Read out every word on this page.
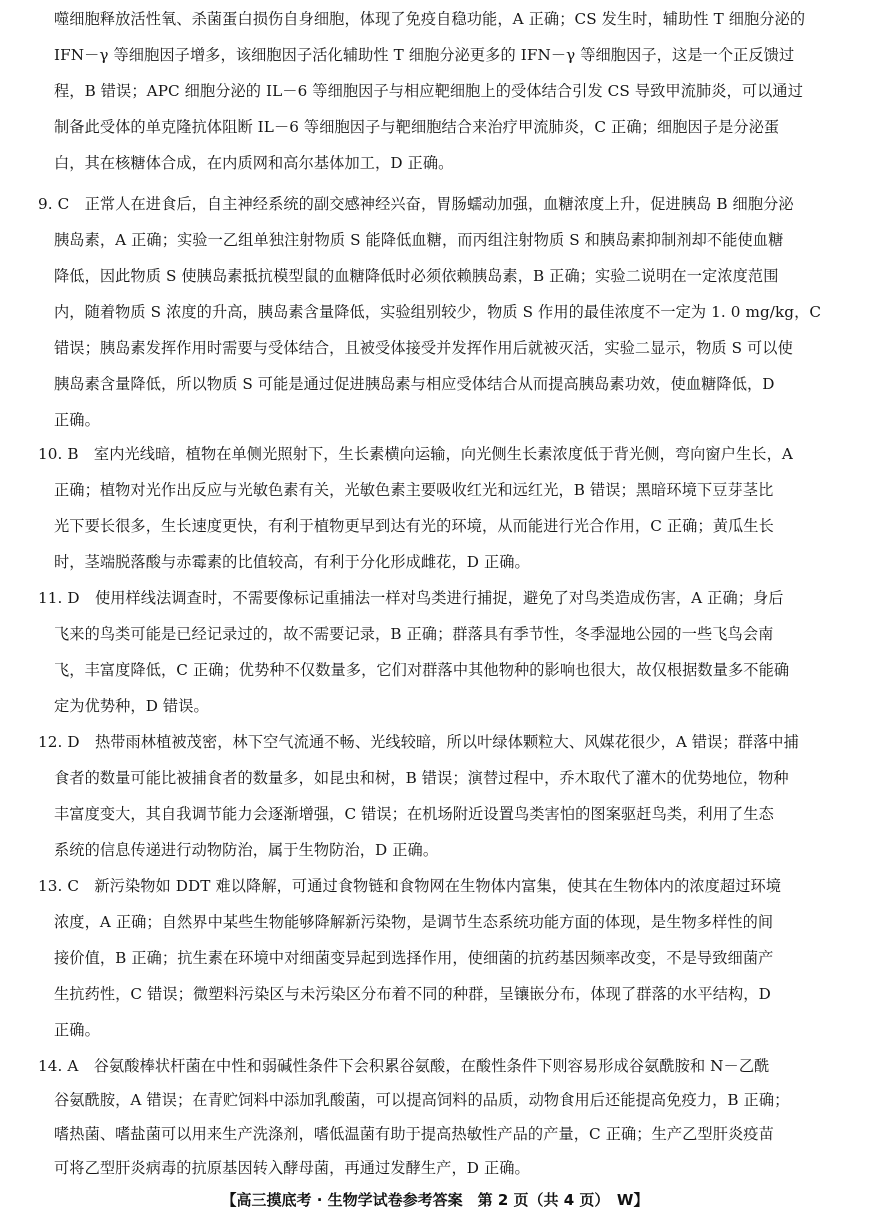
噬细胞释放活性氧、杀菌蛋白损伤自身细胞，体现了免疫自稳功能，A 正确；CS 发生时，辅助性 T 细胞分泌的
IFN－γ 等细胞因子增多，该细胞因子活化辅助性 T 细胞分泌更多的 IFN－γ 等细胞因子，这是一个正反馈过
程，B 错误；APC 细胞分泌的 IL－6 等细胞因子与相应靶细胞上的受体结合引发 CS 导致甲流肺炎，可以通过
制备此受体的单克隆抗体阻断 IL－6 等细胞因子与靶细胞结合来治疗甲流肺炎，C 正确；细胞因子是分泌蛋
白，其在核糖体合成，在内质网和高尔基体加工，D 正确。
9. C　正常人在进食后，自主神经系统的副交感神经兴奋，胃肠蠕动加强，血糖浓度上升，促进胰岛 B 细胞分泌
胰岛素，A 正确；实验一乙组单独注射物质 S 能降低血糖，而丙组注射物质 S 和胰岛素抑制剂却不能使血糖
降低，因此物质 S 使胰岛素抵抗模型鼠的血糖降低时必须依赖胰岛素，B 正确；实验二说明在一定浓度范围
内，随着物质 S 浓度的升高，胰岛素含量降低，实验组别较少，物质 S 作用的最佳浓度不一定为 1. 0 mg/kg，C
错误；胰岛素发挥作用时需要与受体结合，且被受体接受并发挥作用后就被灭活，实验二显示，物质 S 可以使
胰岛素含量降低，所以物质 S 可能是通过促进胰岛素与相应受体结合从而提高胰岛素功效，使血糖降低，D
正确。
10. B　室内光线暗，植物在单侧光照射下，生长素横向运输，向光侧生长素浓度低于背光侧，弯向窗户生长，A
正确；植物对光作出反应与光敏色素有关，光敏色素主要吸收红光和远红光，B 错误；黑暗环境下豆芽茎比
光下要长很多，生长速度更快，有利于植物更早到达有光的环境，从而能进行光合作用，C 正确；黄瓜生长
时，茎端脱落酸与赤霉素的比值较高，有利于分化形成雌花，D 正确。
11. D　使用样线法调查时，不需要像标记重捕法一样对鸟类进行捕捉，避免了对鸟类造成伤害，A 正确；身后
飞来的鸟类可能是已经记录过的，故不需要记录，B 正确；群落具有季节性，冬季湿地公园的一些飞鸟会南
飞，丰富度降低，C 正确；优势种不仅数量多，它们对群落中其他物种的影响也很大，故仅根据数量多不能确
定为优势种，D 错误。
12. D　热带雨林植被茂密，林下空气流通不畅、光线较暗，所以叶绿体颗粒大、风媒花很少，A 错误；群落中捕
食者的数量可能比被捕食者的数量多，如昆虫和树，B 错误；演替过程中，乔木取代了灌木的优势地位，物种
丰富度变大，其自我调节能力会逐渐增强，C 错误；在机场附近设置鸟类害怕的图案驱赶鸟类，利用了生态
系统的信息传递进行动物防治，属于生物防治，D 正确。
13. C　新污染物如 DDT 难以降解，可通过食物链和食物网在生物体内富集，使其在生物体内的浓度超过环境
浓度，A 正确；自然界中某些生物能够降解新污染物，是调节生态系统功能方面的体现，是生物多样性的间
接价值，B 正确；抗生素在环境中对细菌变异起到选择作用，使细菌的抗药基因频率改变，不是导致细菌产
生抗药性，C 错误；微塑料污染区与未污染区分布着不同的种群，呈镶嵌分布，体现了群落的水平结构，D
正确。
14. A　谷氨酸棒状杆菌在中性和弱碱性条件下会积累谷氨酸，在酸性条件下则容易形成谷氨酰胺和 N－乙酰
谷氨酰胺，A 错误；在青贮饲料中添加乳酸菌，可以提高饲料的品质，动物食用后还能提高免疫力，B 正确；
嗜热菌、嗜盐菌可以用来生产洗涤剂，嗜低温菌有助于提高热敏性产品的产量，C 正确；生产乙型肝炎疫苗
可将乙型肝炎病毒的抗原基因转入酵母菌，再通过发酵生产，D 正确。
【高三摸底考 · 生物学试卷参考答案　第 2 页（共 4 页）　W】
